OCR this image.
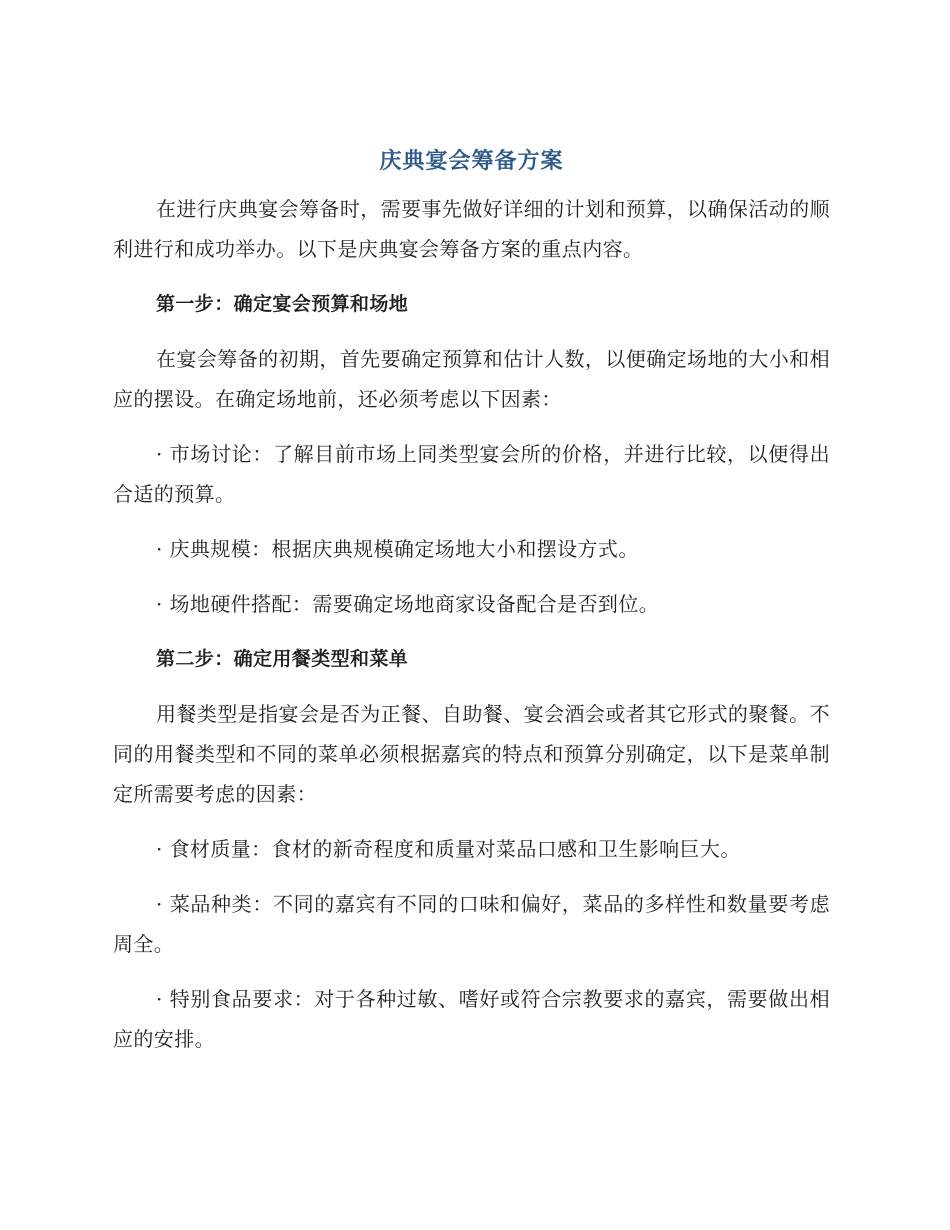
庆典宴会筹备方案

在进行庆典宴会筹备时，需要事先做好详细的计划和预算，以确保活动的顺利进行和成功举办。以下是庆典宴会筹备方案的重点内容。

第一步：确定宴会预算和场地

在宴会筹备的初期，首先要确定预算和估计人数，以便确定场地的大小和相应的摆设。在确定场地前，还必须考虑以下因素：

· 市场讨论：了解目前市场上同类型宴会所的价格，并进行比较，以便得出合适的预算。

· 庆典规模：根据庆典规模确定场地大小和摆设方式。

· 场地硬件搭配：需要确定场地商家设备配合是否到位。

第二步：确定用餐类型和菜单

用餐类型是指宴会是否为正餐、自助餐、宴会酒会或者其它形式的聚餐。不同的用餐类型和不同的菜单必须根据嘉宾的特点和预算分别确定，以下是菜单制定所需要考虑的因素：

· 食材质量：食材的新奇程度和质量对菜品口感和卫生影响巨大。

· 菜品种类：不同的嘉宾有不同的口味和偏好，菜品的多样性和数量要考虑周全。

· 特别食品要求：对于各种过敏、嗜好或符合宗教要求的嘉宾，需要做出相应的安排。
